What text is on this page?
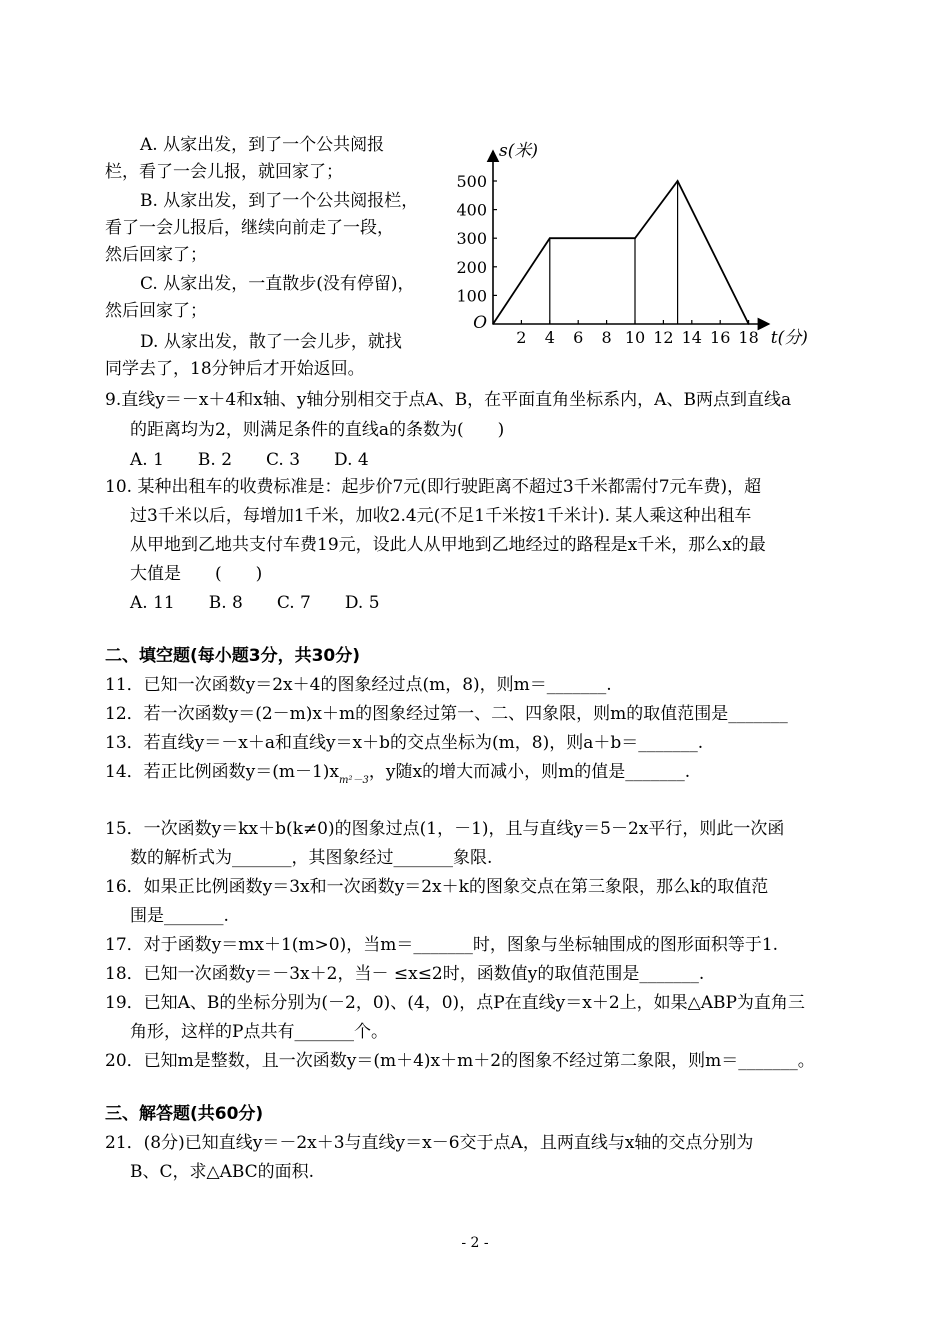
A. 从家出发，到了一个公共阅报
栏，看了一会儿报，就回家了；
B. 从家出发，到了一个公共阅报栏，
看了一会儿报后，继续向前走了一段，
然后回家了；
C. 从家出发，一直散步(没有停留)，
然后回家了；
D. 从家出发，散了一会儿步，就找
同学去了，18分钟后才开始返回。
2 4 6 8 10 12 14 16 18
100
200
300
400
500
O
s(米)
t(分)
9.直线y＝－x＋4和x轴、y轴分别相交于点A、B，在平面直角坐标系内，A、B两点到直线a
的距离均为2，则满足条件的直线a的条数为(　　)
A. 1　　B. 2　　C. 3　　D. 4
10. 某种出租车的收费标准是：起步价7元(即行驶距离不超过3千米都需付7元车费)，超
过3千米以后，每增加1千米，加收2.4元(不足1千米按1千米计). 某人乘这种出租车
从甲地到乙地共支付车费19元，设此人从甲地到乙地经过的路程是x千米，那么x的最
大值是　　(　　)
A. 11　　B. 8　　C. 7　　D. 5
二、填空题(每小题3分，共30分)
11．已知一次函数y＝2x＋4的图象经过点(m，8)，则m＝_______.
12．若一次函数y＝(2－m)x＋m的图象经过第一、二、四象限，则m的取值范围是_______
13．若直线y＝－x＋a和直线y＝x＋b的交点坐标为(m，8)，则a＋b＝_______.
14．若正比例函数$y=(m-1)x_{m^2-3}$，y随x的增大而减小，则m的值是_______.
15．一次函数y＝kx＋b(k≠0)的图象过点(1，－1)，且与直线y＝5－2x平行，则此一次函
数的解析式为_______，其图象经过_______象限.
16．如果正比例函数y＝3x和一次函数y＝2x＋k的图象交点在第三象限，那么k的取值范
围是_______.
17．对于函数y＝mx＋1(m>0)，当m＝_______时，图象与坐标轴围成的图形面积等于1.
18．已知一次函数y＝－3x＋2，当－ ≤x≤2时，函数值y的取值范围是_______.
19．已知A、B的坐标分别为(－2，0)、(4，0)，点P在直线y＝x＋2上，如果△ABP为直角三
角形，这样的P点共有_______个。
20．已知m是整数，且一次函数y＝(m＋4)x＋m＋2的图象不经过第二象限，则m＝_______。
三、解答题(共60分)
21．(8分)已知直线y＝－2x＋3与直线y＝x－6交于点A，且两直线与x轴的交点分别为
B、C，求△ABC的面积.
- 2 -
